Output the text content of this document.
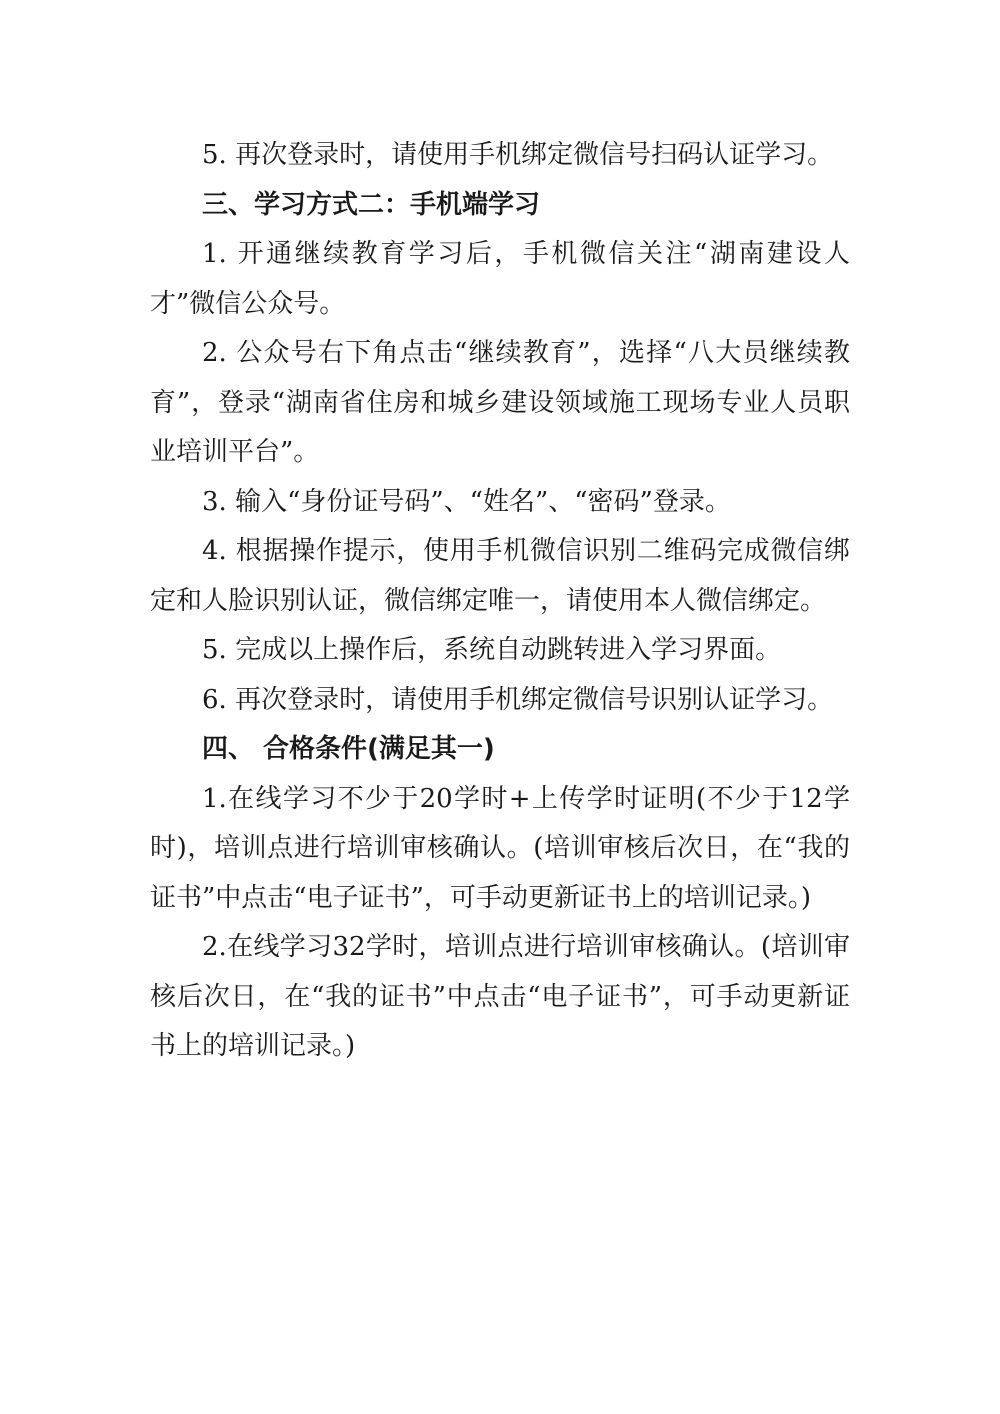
5. 再次登录时，请使用手机绑定微信号扫码认证学习。

三、学习方式二：手机端学习

1. 开通继续教育学习后，手机微信关注“湖南建设人才”微信公众号。

2. 公众号右下角点击“继续教育”，选择“八大员继续教育”，登录“湖南省住房和城乡建设领域施工现场专业人员职业培训平台”。

3. 输入“身份证号码”、“姓名”、“密码”登录。

4. 根据操作提示，使用手机微信识别二维码完成微信绑定和人脸识别认证，微信绑定唯一，请使用本人微信绑定。

5. 完成以上操作后，系统自动跳转进入学习界面。

6. 再次登录时，请使用手机绑定微信号识别认证学习。

四、 合格条件(满足其一)

1.在线学习不少于20学时+上传学时证明(不少于12学时)，培训点进行培训审核确认。(培训审核后次日，在“我的证书”中点击“电子证书”，可手动更新证书上的培训记录。)

2.在线学习32学时，培训点进行培训审核确认。(培训审核后次日，在“我的证书”中点击“电子证书”，可手动更新证书上的培训记录。)
